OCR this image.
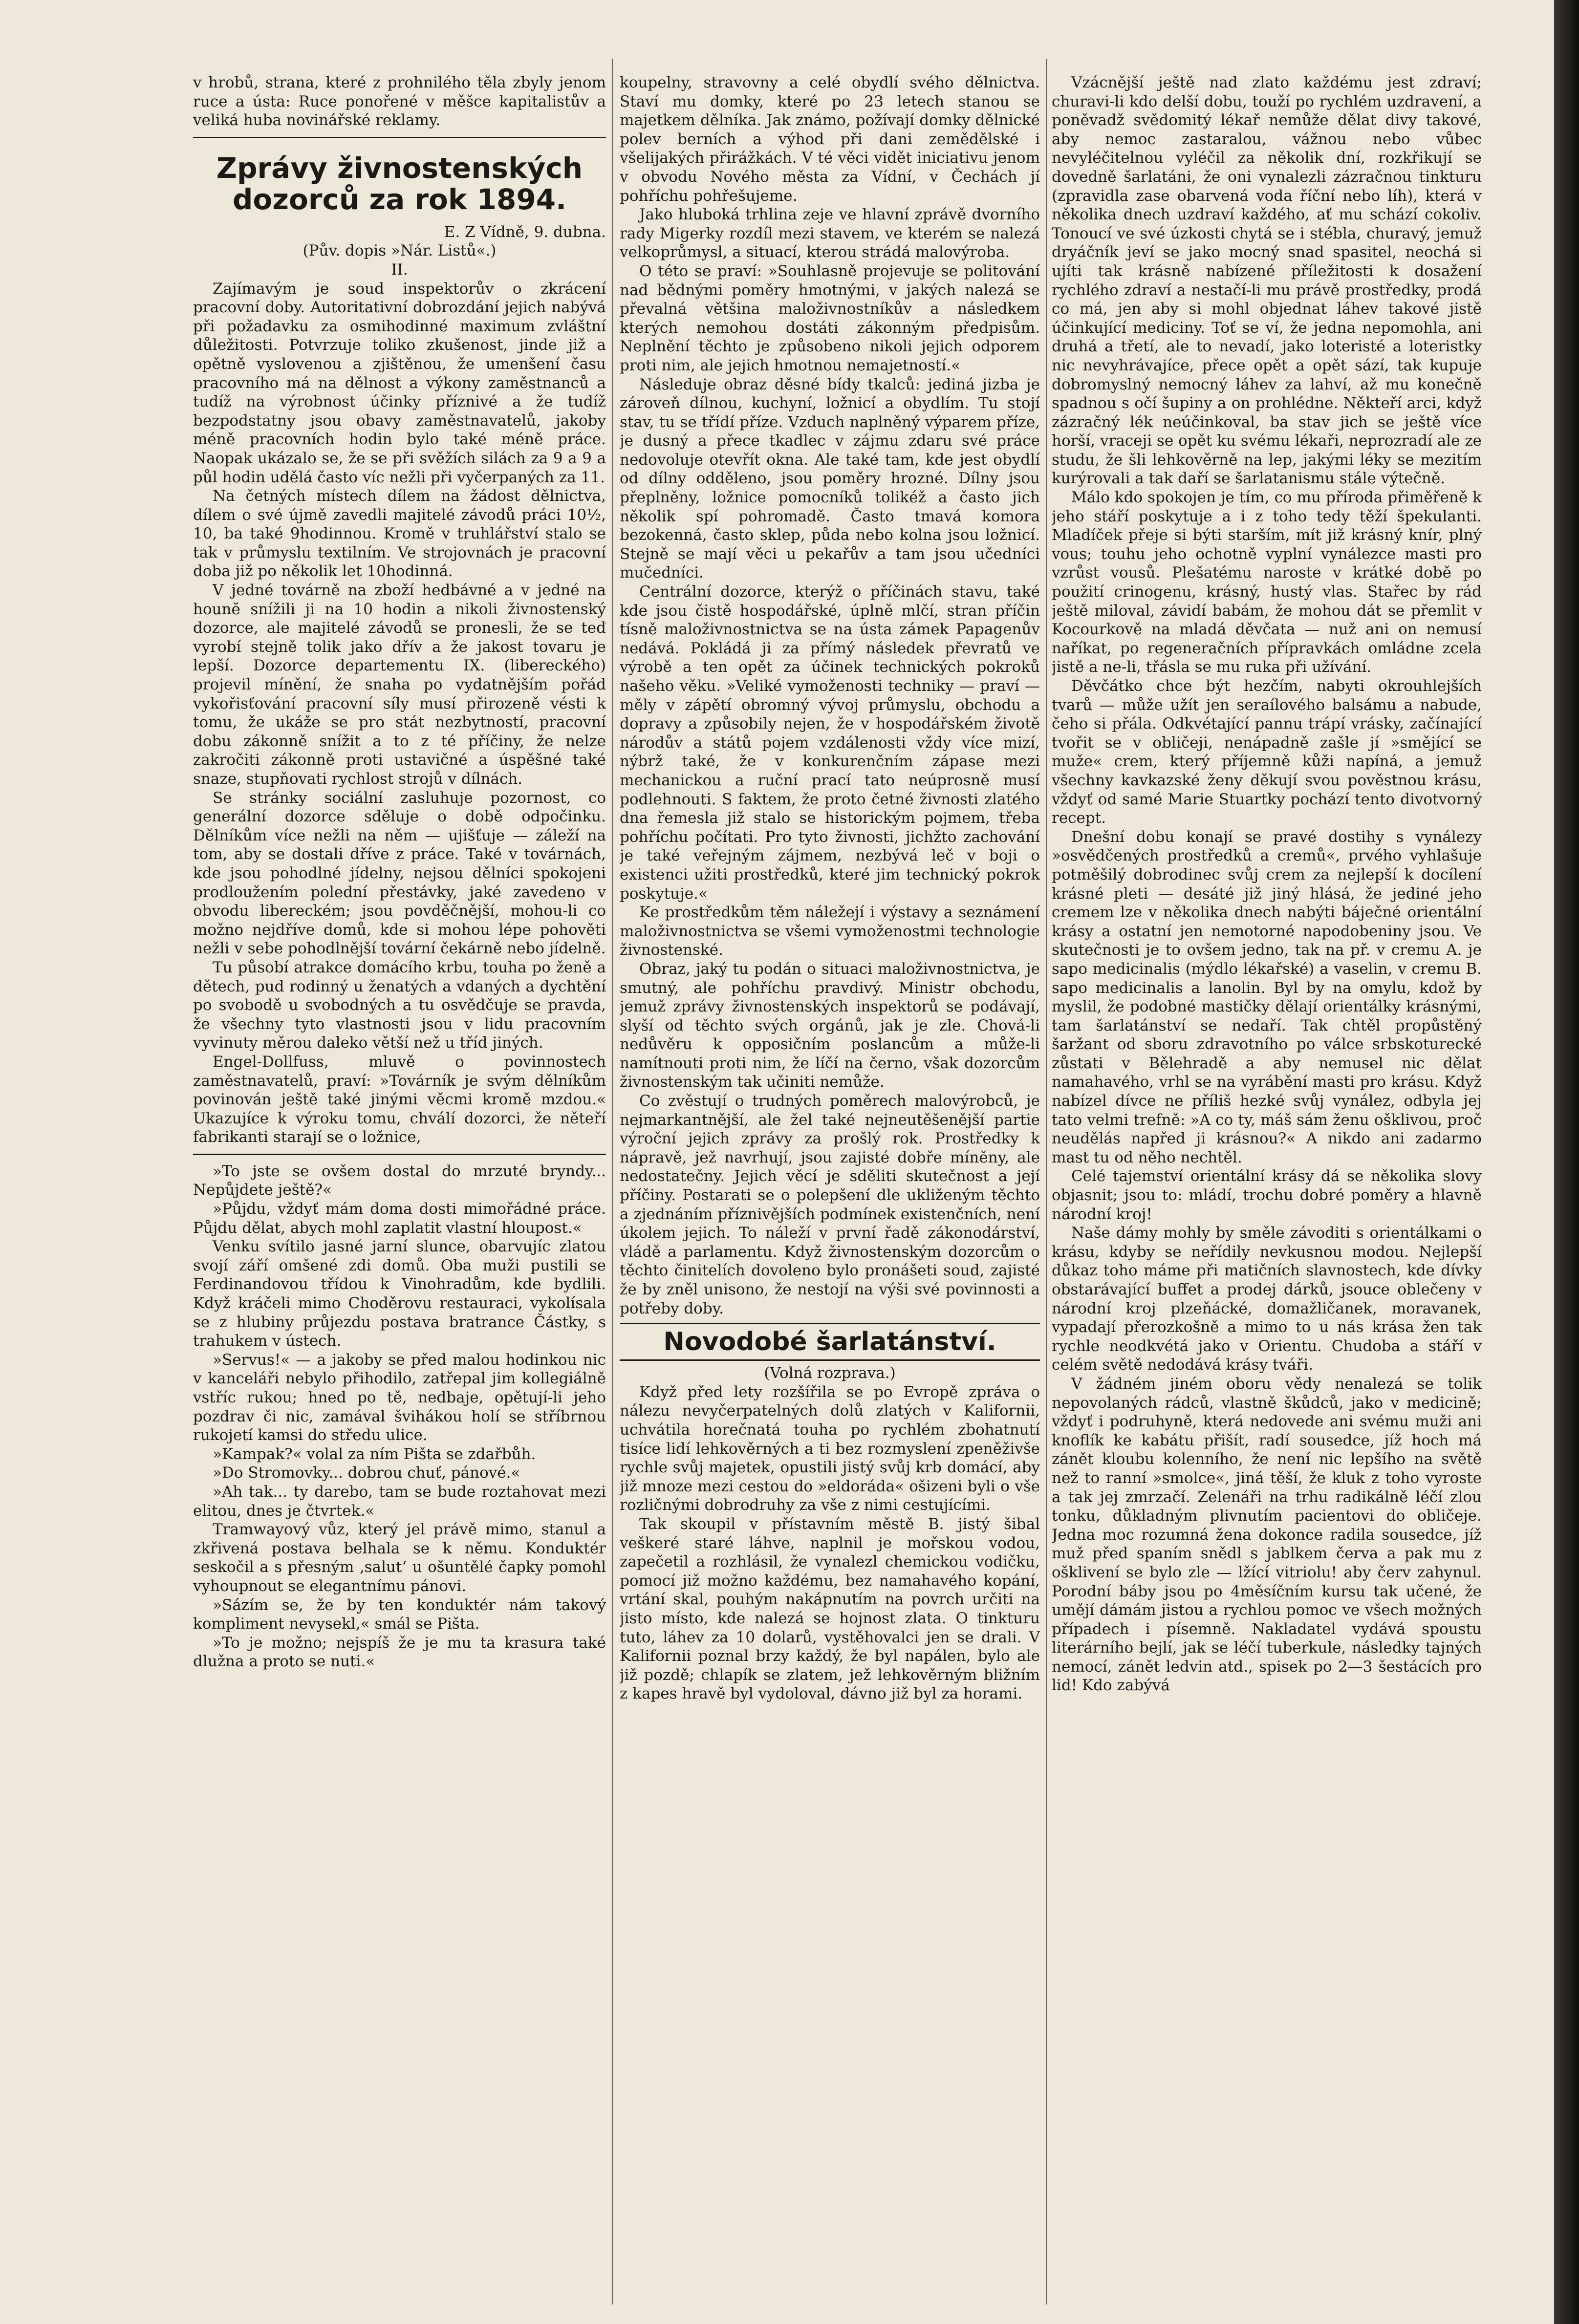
v hrobů, strana, které z prohnilého těla zbyly jenom ruce a ústa: Ruce ponořené v měšce kapitalistův a veliká huba novinářské reklamy.

Zprávy živnostenských dozorců za rok 1894.

E. Z Vídně, 9. dubna.

(Pův. dopis »Nár. Listů«.)

II.

Zajímavým je soud inspektorův o zkrácení pracovní doby. Autoritativní dobrozdání jejich nabývá při požadavku za osmihodinné maximum zvláštní důležitosti. Potvrzuje toliko zkušenost, jinde již a opětně vyslovenou a zjištěnou, že umenšení času pracovního má na dělnost a výkony zaměstnanců a tudíž na výrobnost účinky příznivé a že tudíž bezpodstatny jsou obavy zaměstnavatelů, jakoby méně pracovních hodin bylo také méně práce. Naopak ukázalo se, že se při svěžích silách za 9 a 9 a půl hodin udělá často víc nežli při vyčerpaných za 11.

Na četných místech dílem na žádost dělnictva, dílem o své újmě zavedli majitelé závodů práci 10½, 10, ba také 9hodinnou. Kromě v truhlářství stalo se tak v průmyslu textilním. Ve strojovnách je pracovní doba již po několik let 10hodinná.

V jedné továrně na zboží hedbávné a v jedné na hounĕ snížili ji na 10 hodin a nikoli živnostenský dozorce, ale majitelé závodů se pronesli, že se teď vyrobí stejně tolik jako dřív a že jakost tovaru je lepší. Dozorce departementu IX. (libereckého) projevil mínění, že snaha po vydatnějším pořád vykořisťování pracovní síly musí přirozeně vésti k tomu, že ukáže se pro stát nezbytností, pracovní dobu zákonně snížit a to z té příčiny, že nelze zakročiti zákonně proti ustavičné a úspěšné také snaze, stupňovati rychlost strojů v dílnách.

Se stránky sociální zasluhuje pozornost, co generální dozorce sděluje o době odpočinku. Dělníkům více nežli na něm — ujišťuje — záleží na tom, aby se dostali dříve z práce. Také v továrnách, kde jsou pohodlné jídelny, nejsou dělníci spokojeni prodloužením polední přestávky, jaké zavedeno v obvodu libereckém; jsou povděčnější, mohou-li co možno nejdříve domů, kde si mohou lépe pohověti nežli v sebe pohodlnější tovární čekárně nebo jídelně.

Tu působí atrakce domácího krbu, touha po ženě a dětech, pud rodinný u ženatých a vdaných a dychtění po svobodě u svobodných a tu osvědčuje se pravda, že všechny tyto vlastnosti jsou v lidu pracovním vyvinuty měrou daleko větší než u tříd jiných.

Engel-Dollfuss, mluvě o povinnostech zaměstnavatelů, praví: »Továrník je svým dělníkům povinován ještě také jinými věcmi kromě mzdou.« Ukazujíce k výroku tomu, chválí dozorci, že něteří fabrikanti starají se o ložnice,

»To jste se ovšem dostal do mrzuté bryndy... Nepůjdete ještě?«

»Půjdu, vždyť mám doma dosti mimořádné práce. Půjdu dělat, abych mohl zaplatit vlastní hloupost.«

Venku svítilo jasné jarní slunce, obarvujíc zlatou svojí září omšené zdi domů. Oba muži pustili se Ferdinandovou třídou k Vinohradům, kde bydlili. Když kráčeli mimo Choděrovu restauraci, vykolísala se z hlubiny průjezdu postava bratrance Částky, s trahukem v ústech.

»Servus!« — a jakoby se před malou hodinkou nic v kanceláři nebylo přihodilo, zatřepal jim kollegiálně vstříc rukou; hned po tě, nedbaje, opětují-li jeho pozdrav či nic, zamával švihákou holí se stříbrnou rukojetí kamsi do středu ulice.

»Kampak?« volal za ním Pišta se zdařbůh.

»Do Stromovky... dobrou chuť, pánové.«

»Ah tak... ty darebo, tam se bude roztahovat mezi elitou, dnes je čtvrtek.«

Tramwayový vůz, který jel právě mimo, stanul a zkřivená postava belhala se k němu. Konduktér seskočil a s přesným ‚salut‘ u ošuntělé čapky pomohl vyhoupnout se elegantnímu pánovi.

»Sázím se, že by ten konduktér nám takový kompliment nevysekl,« smál se Pišta.

»To je možno; nejspíš že je mu ta krasura také dlužna a proto se nuti.«

koupelny, stravovny a celé obydlí svého dělnictva. Staví mu domky, které po 23 letech stanou se majetkem dělníka. Jak známo, požívají domky dělnické polev berních a výhod při dani zemědělské i všelijakých přirážkách. V té věci vidět iniciativu jenom v obvodu Nového města za Vídní, v Čechách jí pohříchu pohřešujeme.

Jako hluboká trhlina zeje ve hlavní zprávě dvorního rady Migerky rozdíl mezi stavem, ve kterém se nalezá velkoprůmysl, a situací, kterou strádá malovýroba.

O této se praví: »Souhlasně projevuje se politování nad bědnými poměry hmotnými, v jakých nalezá se převalná většina maloživnostníkův a následkem kterých nemohou dostáti zákonným předpisům. Neplnění těchto je způsobeno nikoli jejich odporem proti nim, ale jejich hmotnou nemajetností.«

Následuje obraz děsné bídy tkalců: jediná jizba je zároveň dílnou, kuchyní, ložnicí a obydlím. Tu stojí stav, tu se třídí příze. Vzduch naplněný výparem příze, je dusný a přece tkadlec v zájmu zdaru své práce nedovoluje otevřít okna. Ale také tam, kde jest obydlí od dílny odděleno, jsou poměry hrozné. Dílny jsou přeplněny, ložnice pomocníků tolikéž a často jich několik spí pohromadě. Často tmavá komora bezokenná, často sklep, půda nebo kolna jsou ložnicí. Stejně se mají věci u pekařův a tam jsou učedníci mučedníci.

Centrální dozorce, kterýž o příčinách stavu, také kde jsou čistě hospodářské, úplně mlčí, stran příčin tísně maloživnostnictva se na ústa zámek Papagenův nedává. Pokládá ji za přímý následek převratů ve výrobě a ten opět za účinek technických pokroků našeho věku. »Veliké vymoženosti techniky — praví — měly v zápětí obromný vývoj průmyslu, obchodu a dopravy a způsobily nejen, že v hospodářském životě národův a států pojem vzdálenosti vždy více mizí, nýbrž také, že v konkurenčním zápase mezi mechanickou a ruční prací tato neúprosně musí podlehnouti. S faktem, že proto četné živnosti zlatého dna řemesla již stalo se historickým pojmem, třeba pohříchu počítati. Pro tyto živnosti, jichžto zachování je také veřejným zájmem, nezbývá leč v boji o existenci užiti prostředků, které jim technický pokrok poskytuje.«

Ke prostředkům těm náležejí i výstavy a seznámení maloživnostnictva se všemi vymoženostmi technologie živnostenské.

Obraz, jaký tu podán o situaci maloživnostnictva, je smutný, ale pohříchu pravdivý. Ministr obchodu, jemuž zprávy živnostenských inspektorů se podávají, slyší od těchto svých orgánů, jak je zle. Chová-li nedůvěru k opposičním poslancům a může-li namítnouti proti nim, že líčí na černo, však dozorcům živnostenským tak učiniti nemůže.

Co zvěstují o trudných poměrech malovýrobců, je nejmarkantnější, ale žel také nejneutěšenější partie výroční jejich zprávy za prošlý rok. Prostředky k nápravě, jež navrhují, jsou zajisté dobře míněny, ale nedostatečny. Jejich věcí je sděliti skutečnost a její příčiny. Postarati se o polepšení dle ukliženým těchto a zjednáním příznivějších podmínek existenčních, není úkolem jejich. To náleží v první řadě zákonodárství, vládě a parlamentu. Když živnostenským dozorcům o těchto činitelích dovoleno bylo pronášeti soud, zajisté že by zněl unisono, že nestojí na výši své povinnosti a potřeby doby.

Novodobé šarlatánství.

(Volná rozprava.)

Když před lety rozšířila se po Evropě zpráva o nálezu nevyčerpatelných dolů zlatých v Kalifornii, uchvátila horečnatá touha po rychlém zbohatnutí tisíce lidí lehkověrných a ti bez rozmyslení zpeněživše rychle svůj majetek, opustili jistý svůj krb domácí, aby již mnoze mezi cestou do »eldoráda« ošizeni byli o vše rozličnými dobrodruhy za vše z nimi cestujícími.

Tak skoupil v přístavním městě B. jistý šibal veškeré staré láhve, naplnil je mořskou vodou, zapečetil a rozhlásil, že vynalezl chemickou vodičku, pomocí již možno každému, bez namahavého kopání, vrtání skal, pouhým nakápnutím na povrch určiti na jisto místo, kde nalezá se hojnost zlata. O tinkturu tuto, láhev za 10 dolarů, vystěhovalci jen se drali. V Kalifornii poznal brzy každý, že byl napálen, bylo ale již pozdě; chlapík se zlatem, jež lehkověrným bližním z kapes hravě byl vydoloval, dávno již byl za horami.

Vzácnější ještě nad zlato každému jest zdraví; churavi-li kdo delší dobu, touží po rychlém uzdravení, a poněvadž svědomitý lékař nemůže dělat divy takové, aby nemoc zastaralou, vážnou nebo vůbec nevyléčitelnou vyléčil za několik dní, rozkřikují se dovedně šarlatáni, že oni vynalezli zázračnou tinkturu (zpravidla zase obarvená voda říční nebo líh), která v několika dnech uzdraví každého, ať mu schází cokoliv. Tonoucí ve své úzkosti chytá se i stébla, churavý, jemuž dryáčník jeví se jako mocný snad spasitel, neochá si ujíti tak krásně nabízené příležitosti k dosažení rychlého zdraví a nestačí-li mu právě prostředky, prodá co má, jen aby si mohl objednat láhev takové jistě účinkující mediciny. Toť se ví, že jedna nepomohla, ani druhá a třetí, ale to nevadí, jako loteristé a loteristky nic nevyhrávajíce, přece opět a opět sází, tak kupuje dobromyslný nemocný láhev za lahví, až mu konečně spadnou s očí šupiny a on prohlédne. Někteří arci, když zázračný lék neúčinkoval, ba stav jich se ještě více horší, vraceji se opět ku svému lékaři, neprozradí ale ze studu, že šli lehkověrně na lep, jakými léky se mezitím kurýrovali a tak daří se šarlatanismu stále výtečně.

Málo kdo spokojen je tím, co mu příroda přiměřeně k jeho stáří poskytuje a i z toho tedy těží špekulanti. Mladíček přeje si býti starším, mít již krásný knír, plný vous; touhu jeho ochotně vyplní vynálezce masti pro vzrůst vousů. Plešatému naroste v krátké době po použití crinogenu, krásný, hustý vlas. Stařec by rád ještě miloval, závidí babám, že mohou dát se přemlit v Kocourkově na mladá děvčata — nuž ani on nemusí naříkat, po regeneračních přípravkách omládne zcela jistě a ne-li, třásla se mu ruka při užívání.

Děvčátko chce být hezčím, nabyti okrouhlejších tvarů — může užít jen seraílového balsámu a nabude, čeho si přála. Odkvétající pannu trápí vrásky, začínající tvořit se v obličeji, nenápadně zašle jí »smějící se muže« crem, který příjemně kůži napíná, a jemuž všechny kavkazské ženy děkují svou pověstnou krásu, vždyť od samé Marie Stuartky pochází tento divotvorný recept.

Dnešní dobu konají se pravé dostihy s vynálezy »osvědčených prostředků a cremů«, prvého vyhlašuje potměšilý dobrodinec svůj crem za nejlepší k docílení krásné pleti — desáté již jiný hlásá, že jediné jeho cremem lze v několika dnech nabýti báječné orientální krásy a ostatní jen nemotorné napodobeniny jsou. Ve skutečnosti je to ovšem jedno, tak na př. v cremu A. je sapo medicinalis (mýdlo lékařské) a vaselin, v cremu B. sapo medicinalis a lanolin. Byl by na omylu, kdož by myslil, že podobné mastičky dělají orientálky krásnými, tam šarlatánství se nedaří. Tak chtěl propůstěný šaržant od sboru zdravotního po válce srbskoturecké zůstati v Bělehradě a aby nemusel nic dělat namahavého, vrhl se na vyrábění masti pro krásu. Když nabízel dívce ne příliš hezké svůj vynález, odbyla jej tato velmi trefně: »A co ty, máš sám ženu ošklivou, proč neudělás napřed ji krásnou?« A nikdo ani zadarmo mast tu od něho nechtěl.

Celé tajemství orientální krásy dá se několika slovy objasnit; jsou to: mládí, trochu dobré poměry a hlavně národní kroj!

Naše dámy mohly by směle závoditi s orientálkami o krásu, kdyby se neřídily nevkusnou modou. Nejlepší důkaz toho máme při matičních slavnostech, kde dívky obstarávající buffet a prodej dárků, jsouce oblečeny v národní kroj plzeňácké, domažličanek, moravanek, vypadají přerozkošně a mimo to u nás krása žen tak rychle neodkvétá jako v Orientu. Chudoba a stáří v celém světě nedodává krásy tváři.

V žádném jiném oboru vědy nenalezá se tolik nepovolaných rádců, vlastně škůdců, jako v medicině; vždyť i podruhyně, která nedovede ani svému muži ani knoflík ke kabátu přišít, radí sousedce, jíž hoch má zánět kloubu kolenního, že není nic lepšího na světě než to ranní »smolce«, jiná těší, že kluk z toho vyroste a tak jej zmrzačí. Zelenáři na trhu radikálně léčí zlou tonku, důkladným plivnutím pacientovi do obličeje. Jedna moc rozumná žena dokonce radila sousedce, jíž muž před spaním snědl s jablkem červa a pak mu z ošklivení se bylo zle — lžící vitriolu! aby červ zahynul. Porodní báby jsou po 4měsíčním kursu tak učené, že umějí dámám jistou a rychlou pomoc ve všech možných případech i písemně. Nakladatel vydává spoustu literárního bejlí, jak se léčí tuberkule, následky tajných nemocí, zánět ledvin atd., spisek po 2—3 šestácích pro lid! Kdo zabývá
